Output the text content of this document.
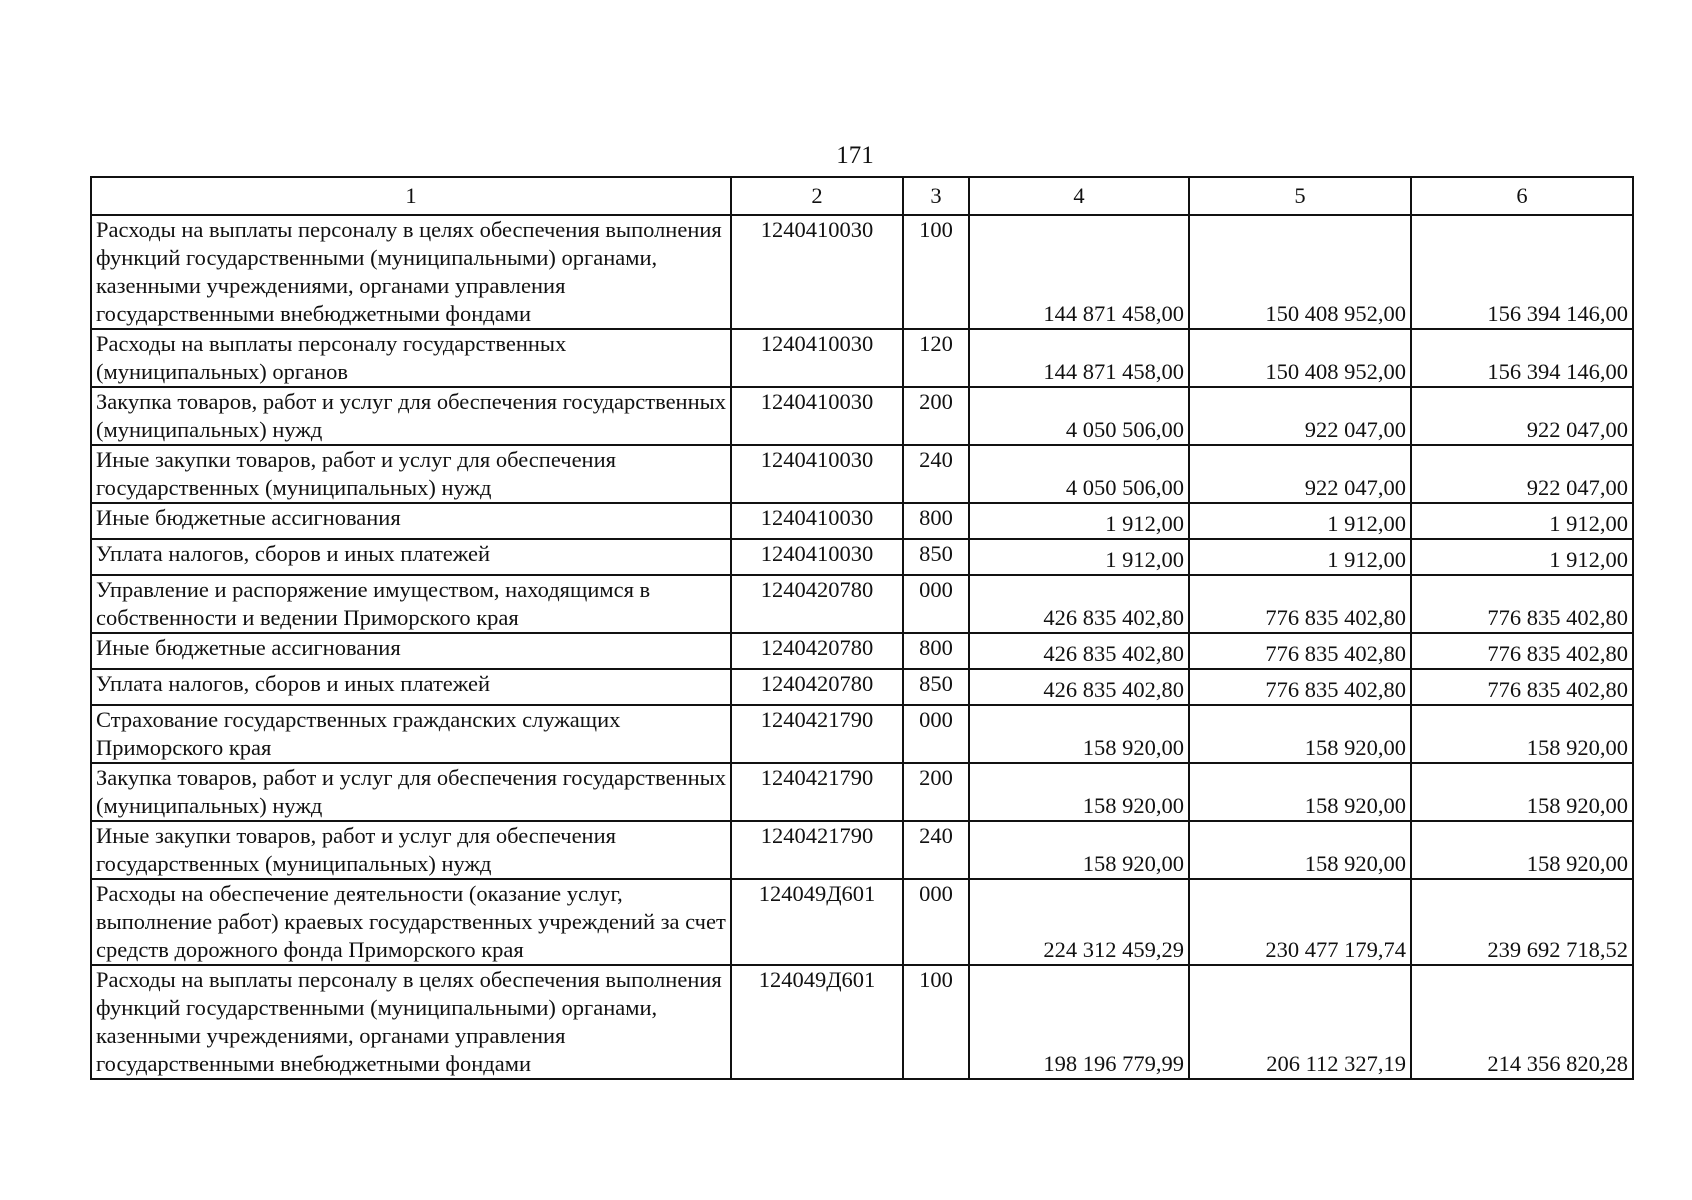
171
1	2	3	4	5	6
Расходы на выплаты персоналу в целях обеспечения выполнения функций государственными (муниципальными) органами, казенными учреждениями, органами управления государственными внебюджетными фондами	1240410030	100	144 871 458,00	150 408 952,00	156 394 146,00
Расходы на выплаты персоналу государственных (муниципальных) органов	1240410030	120	144 871 458,00	150 408 952,00	156 394 146,00
Закупка товаров, работ и услуг для обеспечения государственных (муниципальных) нужд	1240410030	200	4 050 506,00	922 047,00	922 047,00
Иные закупки товаров, работ и услуг для обеспечения государственных (муниципальных) нужд	1240410030	240	4 050 506,00	922 047,00	922 047,00
Иные бюджетные ассигнования	1240410030	800	1 912,00	1 912,00	1 912,00
Уплата налогов, сборов и иных платежей	1240410030	850	1 912,00	1 912,00	1 912,00
Управление и распоряжение имуществом, находящимся в собственности и ведении Приморского края	1240420780	000	426 835 402,80	776 835 402,80	776 835 402,80
Иные бюджетные ассигнования	1240420780	800	426 835 402,80	776 835 402,80	776 835 402,80
Уплата налогов, сборов и иных платежей	1240420780	850	426 835 402,80	776 835 402,80	776 835 402,80
Страхование государственных гражданских служащих Приморского края	1240421790	000	158 920,00	158 920,00	158 920,00
Закупка товаров, работ и услуг для обеспечения государственных (муниципальных) нужд	1240421790	200	158 920,00	158 920,00	158 920,00
Иные закупки товаров, работ и услуг для обеспечения государственных (муниципальных) нужд	1240421790	240	158 920,00	158 920,00	158 920,00
Расходы на обеспечение деятельности (оказание услуг, выполнение работ) краевых государственных учреждений за счет средств дорожного фонда Приморского края	124049Д601	000	224 312 459,29	230 477 179,74	239 692 718,52
Расходы на выплаты персоналу в целях обеспечения выполнения функций государственными (муниципальными) органами, казенными учреждениями, органами управления государственными внебюджетными фондами	124049Д601	100	198 196 779,99	206 112 327,19	214 356 820,28
